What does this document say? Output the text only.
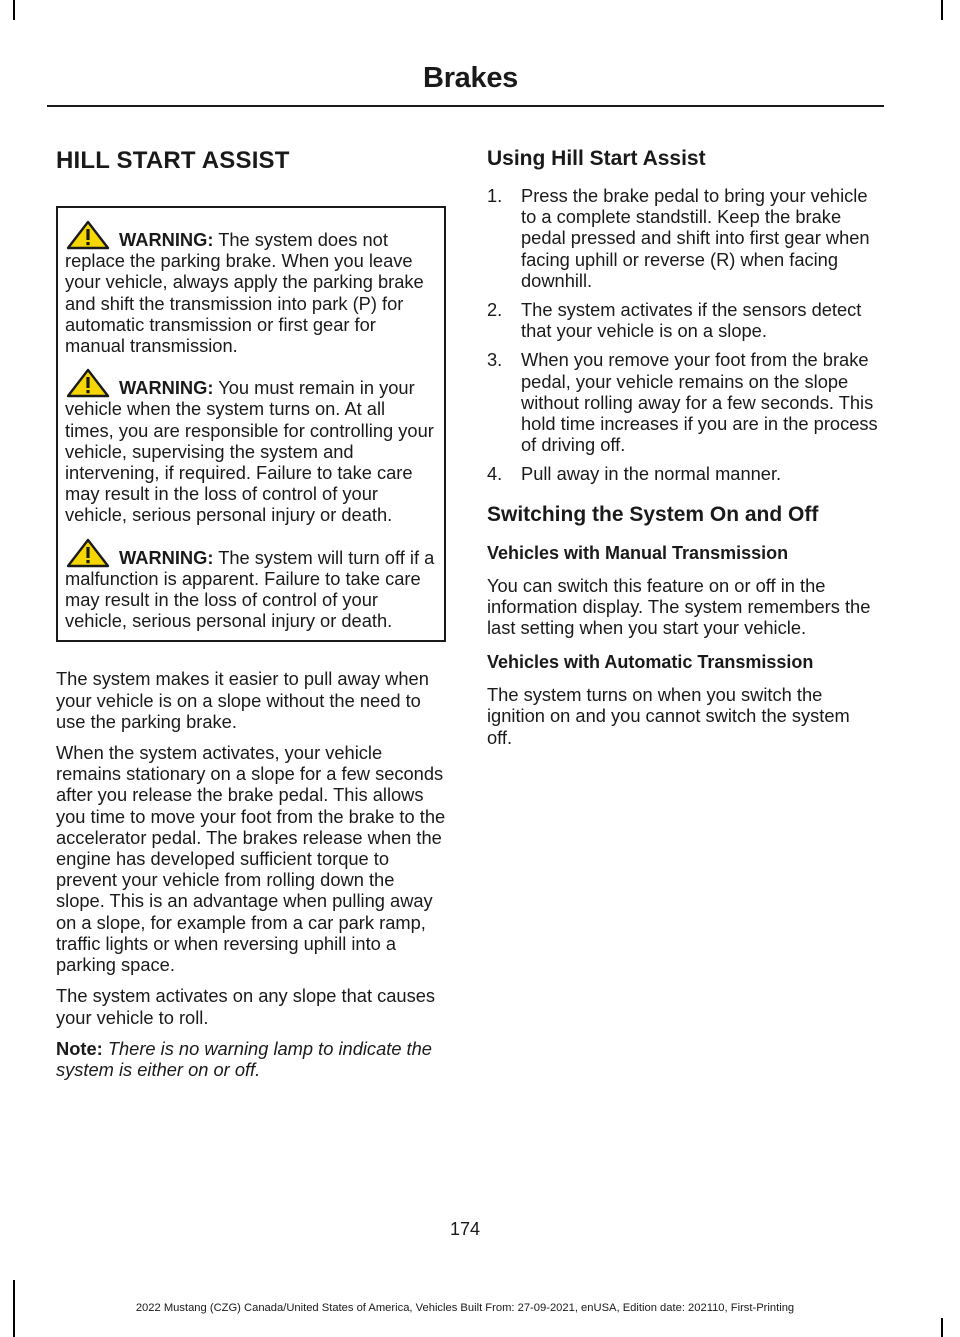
Brakes
HILL START ASSIST
WARNING: The system does not replace the parking brake. When you leave your vehicle, always apply the parking brake and shift the transmission into park (P) for automatic transmission or first gear for manual transmission.
WARNING: You must remain in your vehicle when the system turns on. At all times, you are responsible for controlling your vehicle, supervising the system and intervening, if required. Failure to take care may result in the loss of control of your vehicle, serious personal injury or death.
WARNING: The system will turn off if a malfunction is apparent. Failure to take care may result in the loss of control of your vehicle, serious personal injury or death.

The system makes it easier to pull away when your vehicle is on a slope without the need to use the parking brake.

When the system activates, your vehicle remains stationary on a slope for a few seconds after you release the brake pedal. This allows you time to move your foot from the brake to the accelerator pedal. The brakes release when the engine has developed sufficient torque to prevent your vehicle from rolling down the slope. This is an advantage when pulling away on a slope, for example from a car park ramp, traffic lights or when reversing uphill into a parking space.

The system activates on any slope that causes your vehicle to roll.

Note: There is no warning lamp to indicate the system is either on or off.

Using Hill Start Assist
1. Press the brake pedal to bring your vehicle to a complete standstill. Keep the brake pedal pressed and shift into first gear when facing uphill or reverse (R) when facing downhill.
2. The system activates if the sensors detect that your vehicle is on a slope.
3. When you remove your foot from the brake pedal, your vehicle remains on the slope without rolling away for a few seconds. This hold time increases if you are in the process of driving off.
4. Pull away in the normal manner.
Switching the System On and Off
Vehicles with Manual Transmission

You can switch this feature on or off in the information display. The system remembers the last setting when you start your vehicle.

Vehicles with Automatic Transmission

The system turns on when you switch the ignition on and you cannot switch the system off.

174
2022 Mustang (CZG) Canada/United States of America, Vehicles Built From: 27-09-2021, enUSA, Edition date: 202110, First-Printing
